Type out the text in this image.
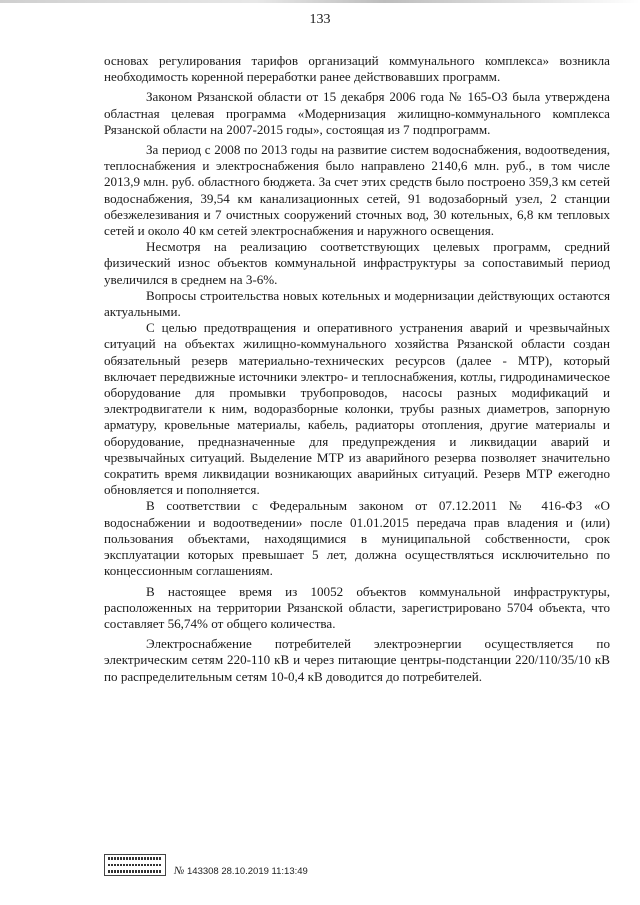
133

основах регулирования тарифов организаций коммунального комплекса» возникла необходимость коренной переработки ранее действовавших программ.

Законом Рязанской области от 15 декабря 2006 года № 165-ОЗ была утверждена областная целевая программа «Модернизация жилищно-коммунального комплекса Рязанской области на 2007-2015 годы», состоящая из 7 подпрограмм.

За период с 2008 по 2013 годы на развитие систем водоснабжения, водоотведения, теплоснабжения и электроснабжения было направлено 2140,6 млн. руб., в том числе 2013,9 млн. руб. областного бюджета. За счет этих средств было построено 359,3 км сетей водоснабжения, 39,54 км канализационных сетей, 91 водозаборный узел, 2 станции обезжелезивания и 7 очистных сооружений сточных вод, 30 котельных, 6,8 км тепловых сетей и около 40 км сетей электроснабжения и наружного освещения.

Несмотря на реализацию соответствующих целевых программ, средний физический износ объектов коммунальной инфраструктуры за сопоставимый период увеличился в среднем на 3-6%.

Вопросы строительства новых котельных и модернизации действующих остаются актуальными.

С целью предотвращения и оперативного устранения аварий и чрезвычайных ситуаций на объектах жилищно-коммунального хозяйства Рязанской области создан обязательный резерв материально-технических ресурсов (далее - МТР), который включает передвижные источники электро- и теплоснабжения, котлы, гидродинамическое оборудование для промывки трубопроводов, насосы разных модификаций и электродвигатели к ним, водоразборные колонки, трубы разных диаметров, запорную арматуру, кровельные материалы, кабель, радиаторы отопления, другие материалы и оборудование, предназначенные для предупреждения и ликвидации аварий и чрезвычайных ситуаций. Выделение МТР из аварийного резерва позволяет значительно сократить время ликвидации возникающих аварийных ситуаций. Резерв МТР ежегодно обновляется и пополняется.

В соответствии с Федеральным законом от 07.12.2011 № 416-ФЗ «О водоснабжении и водоотведении» после 01.01.2015 передача прав владения и (или) пользования объектами, находящимися в муниципальной собственности, срок эксплуатации которых превышает 5 лет, должна осуществляться исключительно по концессионным соглашениям.

В настоящее время из 10052 объектов коммунальной инфраструктуры, расположенных на территории Рязанской области, зарегистрировано 5704 объекта, что составляет 56,74% от общего количества.

Электроснабжение потребителей электроэнергии осуществляется по электрическим сетям 220-110 кВ и через питающие центры-подстанции 220/110/35/10 кВ по распределительным сетям 10-0,4 кВ доводится до потребителей.

№ 143308 28.10.2019 11:13:49
